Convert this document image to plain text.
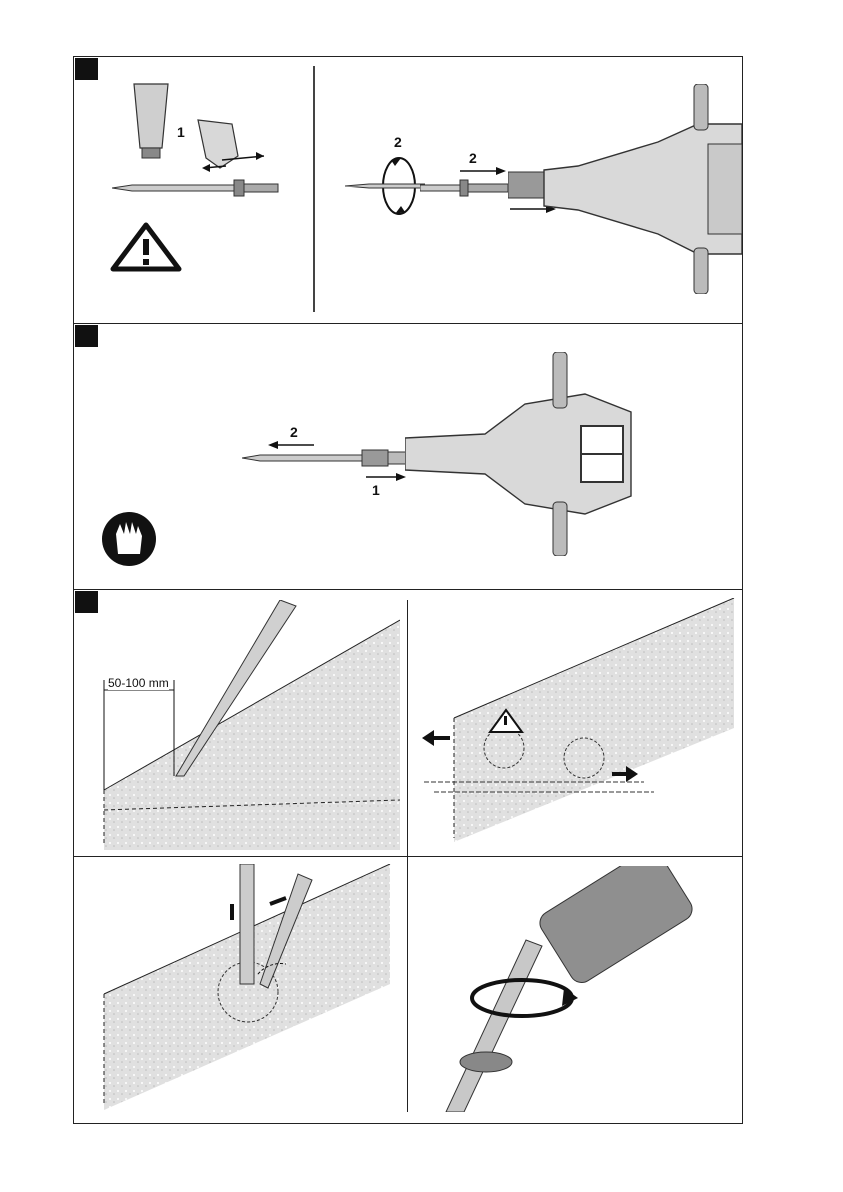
1
2
2
2
1
50-100 mm
